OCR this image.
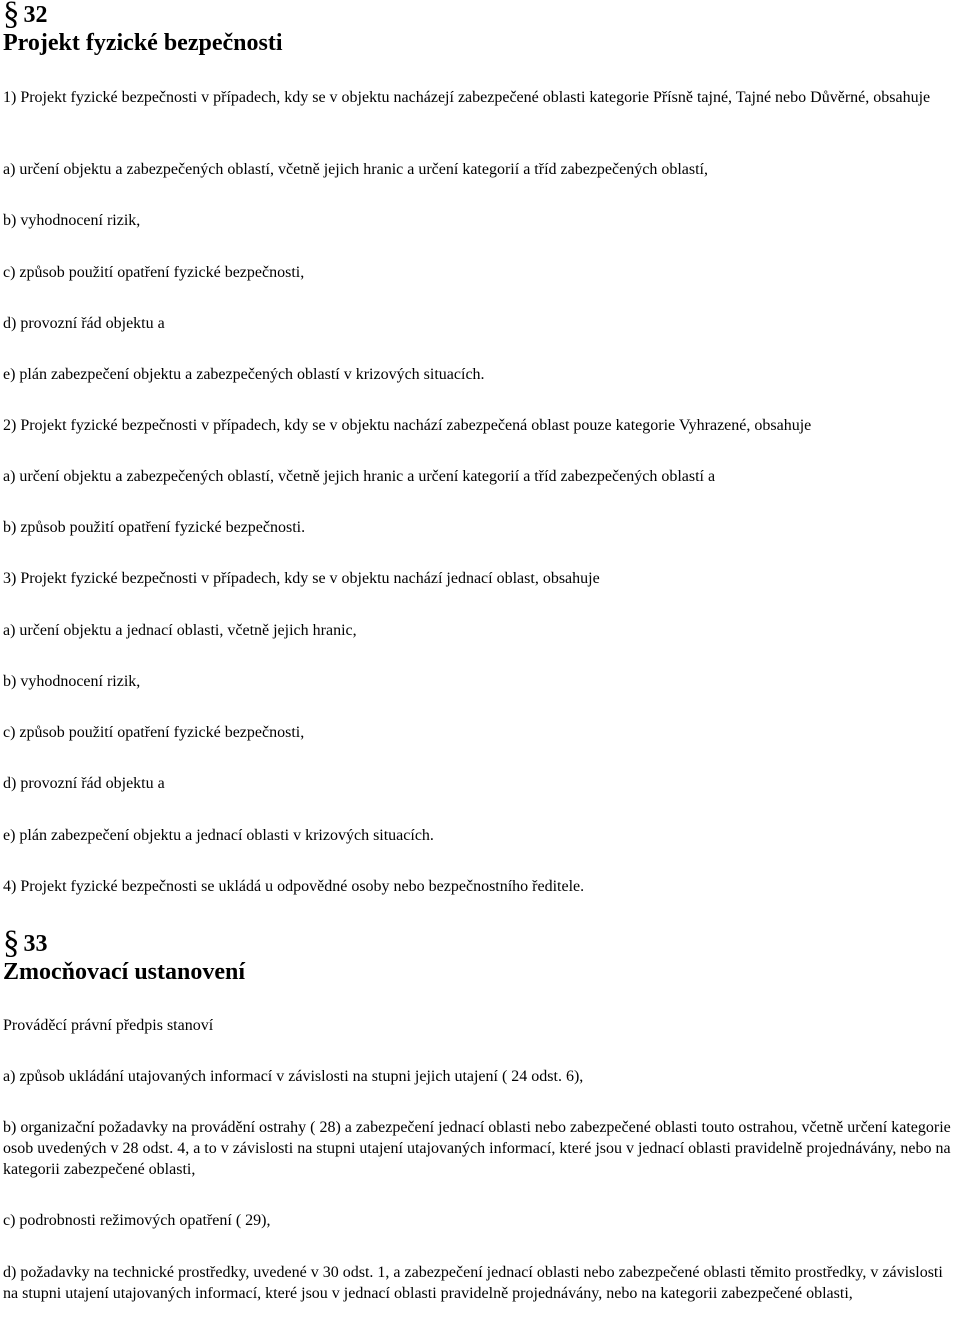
§ 32
Projekt fyzické bezpečnosti

1) Projekt fyzické bezpečnosti v případech, kdy se v objektu nacházejí zabezpečené oblasti kategorie Přísně tajné, Tajné nebo Důvěrné, obsahuje

a) určení objektu a zabezpečených oblastí, včetně jejich hranic a určení kategorií a tříd zabezpečených oblastí,

b) vyhodnocení rizik,

c) způsob použití opatření fyzické bezpečnosti,

d) provozní řád objektu a

e) plán zabezpečení objektu a zabezpečených oblastí v krizových situacích.

2) Projekt fyzické bezpečnosti v případech, kdy se v objektu nachází zabezpečená oblast pouze kategorie Vyhrazené, obsahuje

a) určení objektu a zabezpečených oblastí, včetně jejich hranic a určení kategorií a tříd zabezpečených oblastí a

b) způsob použití opatření fyzické bezpečnosti.

3) Projekt fyzické bezpečnosti v případech, kdy se v objektu nachází jednací oblast, obsahuje

a) určení objektu a jednací oblasti, včetně jejich hranic,

b) vyhodnocení rizik,

c) způsob použití opatření fyzické bezpečnosti,

d) provozní řád objektu a

e) plán zabezpečení objektu a jednací oblasti v krizových situacích.

4) Projekt fyzické bezpečnosti se ukládá u odpovědné osoby nebo bezpečnostního ředitele.

§ 33
Zmocňovací ustanovení

Prováděcí právní předpis stanoví

a) způsob ukládání utajovaných informací v závislosti na stupni jejich utajení ( 24 odst. 6),

b) organizační požadavky na provádění ostrahy ( 28) a zabezpečení jednací oblasti nebo zabezpečené oblasti touto ostrahou, včetně určení kategorie osob uvedených v 28 odst. 4, a to v závislosti na stupni utajení utajovaných informací, které jsou v jednací oblasti pravidelně projednávány, nebo na kategorii zabezpečené oblasti,

c) podrobnosti režimových opatření ( 29),

d) požadavky na technické prostředky, uvedené v 30 odst. 1, a zabezpečení jednací oblasti nebo zabezpečené oblasti těmito prostředky, v závislosti na stupni utajení utajovaných informací, které jsou v jednací oblasti pravidelně projednávány, nebo na kategorii zabezpečené oblasti,
